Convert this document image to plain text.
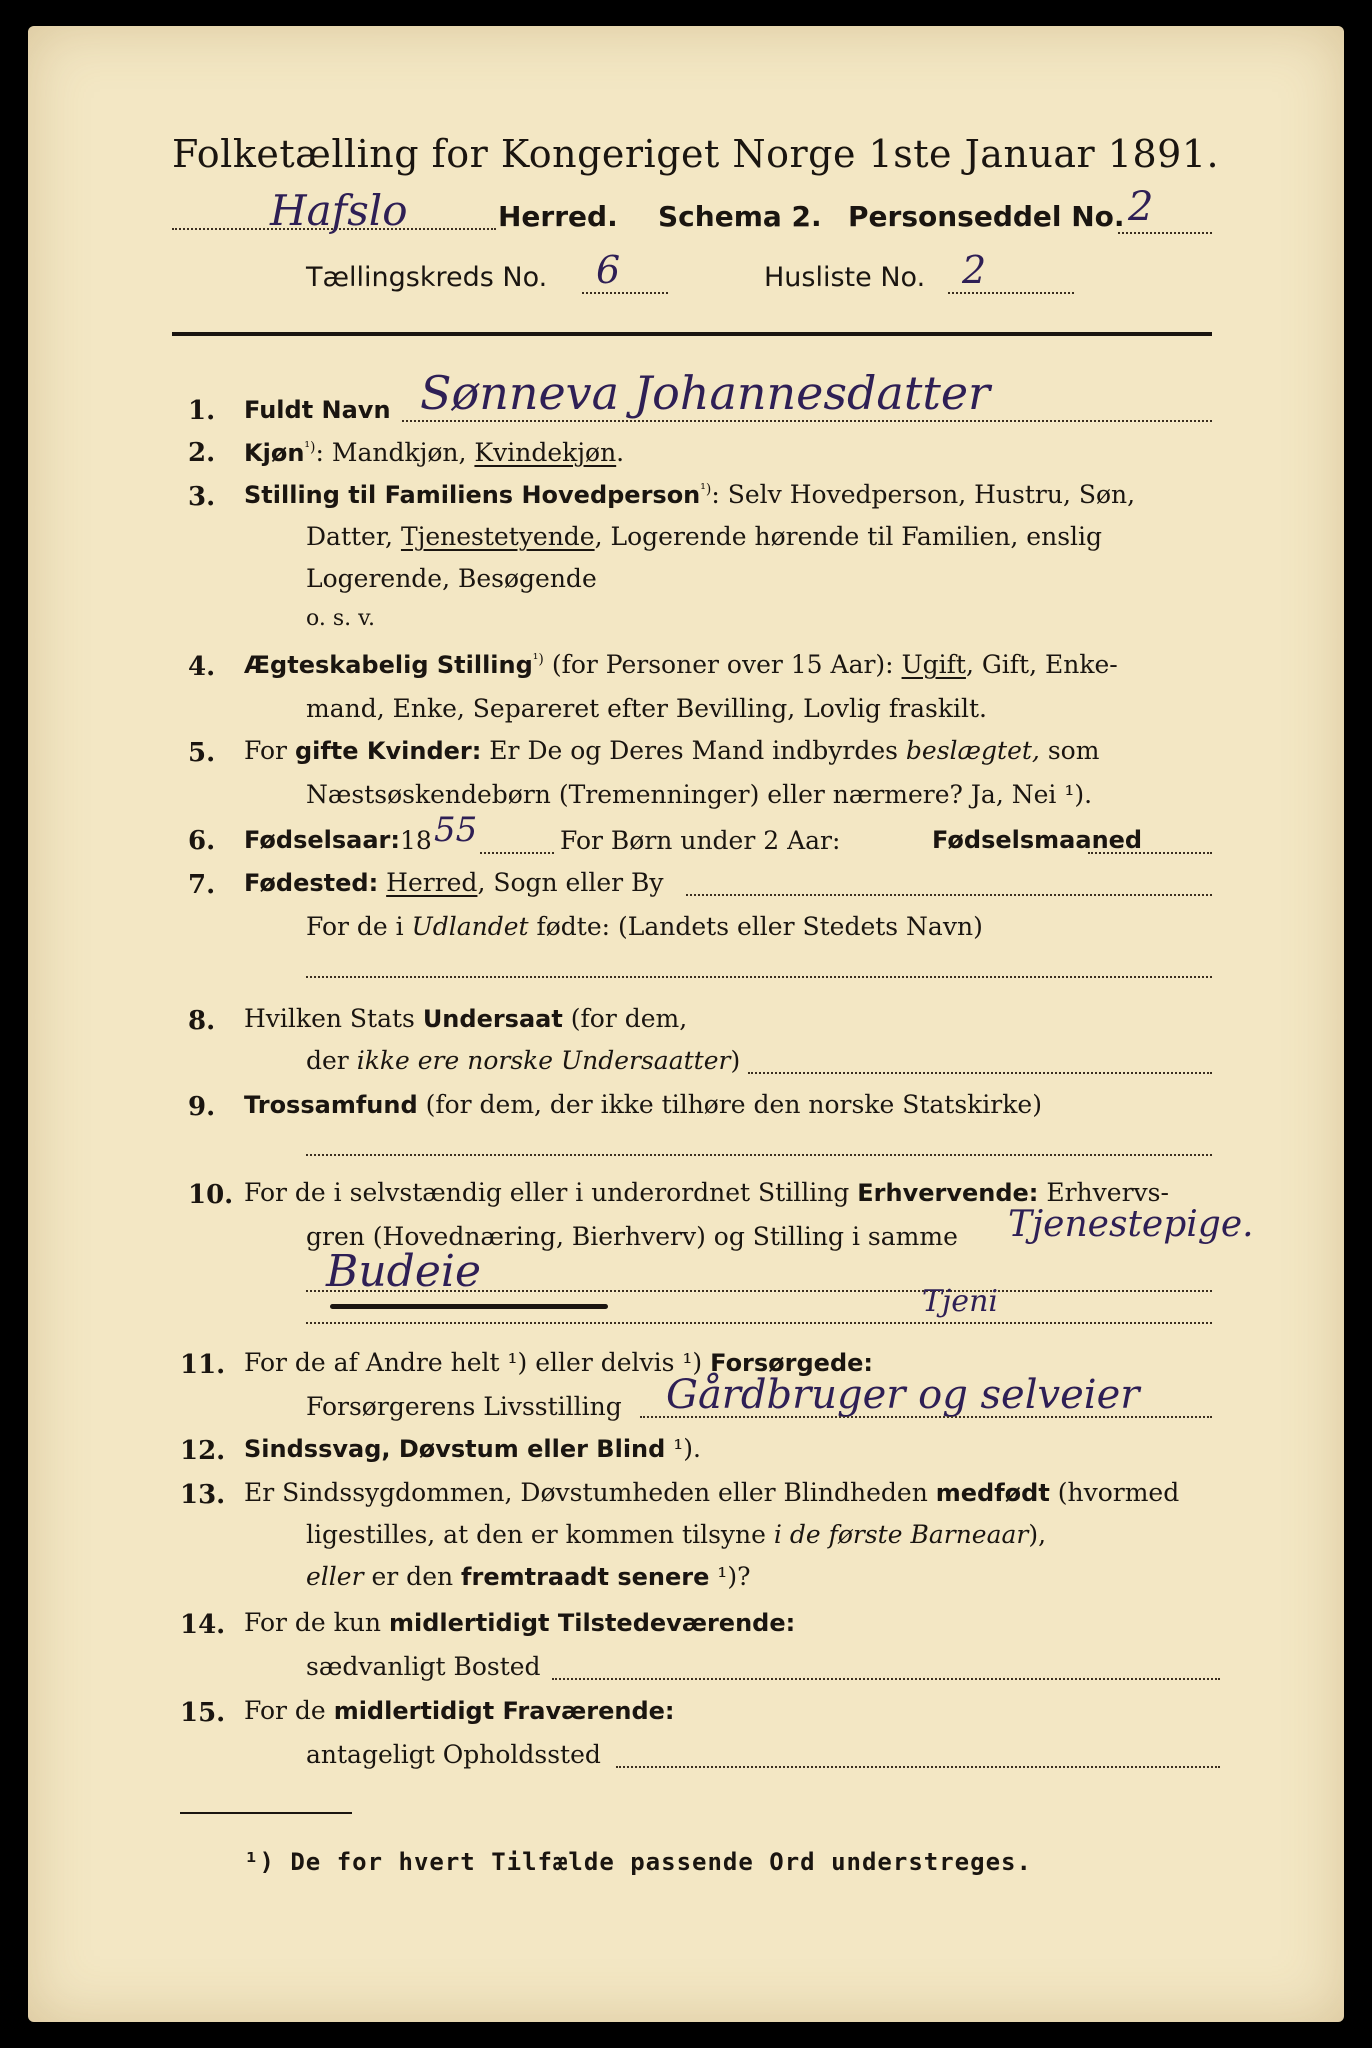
Folketælling for Kongeriget Norge 1ste Januar 1891.
Hafslo	Herred. Schema 2. Personseddel No. 2
Tællingskreds No. 6	Husliste No. 2
1. Fuldt Navn Sønneva Johannesdatter
2. Kjøn$^{^1)}$: Mandkjøn, Kvindekjøn.
3. Stilling til Familiens Hovedperson$^{^1)}$: Selv Hovedperson, Hustru, Søn,
Datter, Tjenestetyende, Logerende hørende til Familien, enslig
Logerende, Besøgende
o. s. v.
4. Ægteskabelig Stilling$^{^1)}$ (for Personer over 15 Aar): Ugift, Gift, Enke-
mand, Enke, Separeret efter Bevilling, Lovlig fraskilt.
5. For gifte Kvinder: Er De og Deres Mand indbyrdes beslægtet, som
Næstsøskendebørn (Tremenninger) eller nærmere? Ja, Nei ¹).
6. Fødselsaar: 18 55	For Børn under 2 Aar:	Fødselsmaaned
7. Fødested: Herred, Sogn eller By
For de i Udlandet fødte: (Landets eller Stedets Navn)
8. Hvilken Stats Undersaat (for dem,
der ikke ere norske Undersaatter)
9. Trossamfund (for dem, der ikke tilhøre den norske Statskirke)
10. For de i selvstændig eller i underordnet Stilling Erhvervende: Erhvervs-
gren (Hovednæring, Bierhverv) og Stilling i samme Tjenestepige.
Budeie
Tjeni
11. For de af Andre helt ¹) eller delvis ¹) Forsørgede:
Forsørgerens Livsstilling Gårdbruger og selveier
12. Sindssvag, Døvstum eller Blind ¹).
13. Er Sindssygdommen, Døvstumheden eller Blindheden medfødt (hvormed
ligestilles, at den er kommen tilsyne i de første Barneaar),
eller er den fremtraadt senere ¹)?
14. For de kun midlertidigt Tilstedeværende:
sædvanligt Bosted
15. For de midlertidigt Fraværende:
antageligt Opholdssted
¹) De for hvert Tilfælde passende Ord understreges.
